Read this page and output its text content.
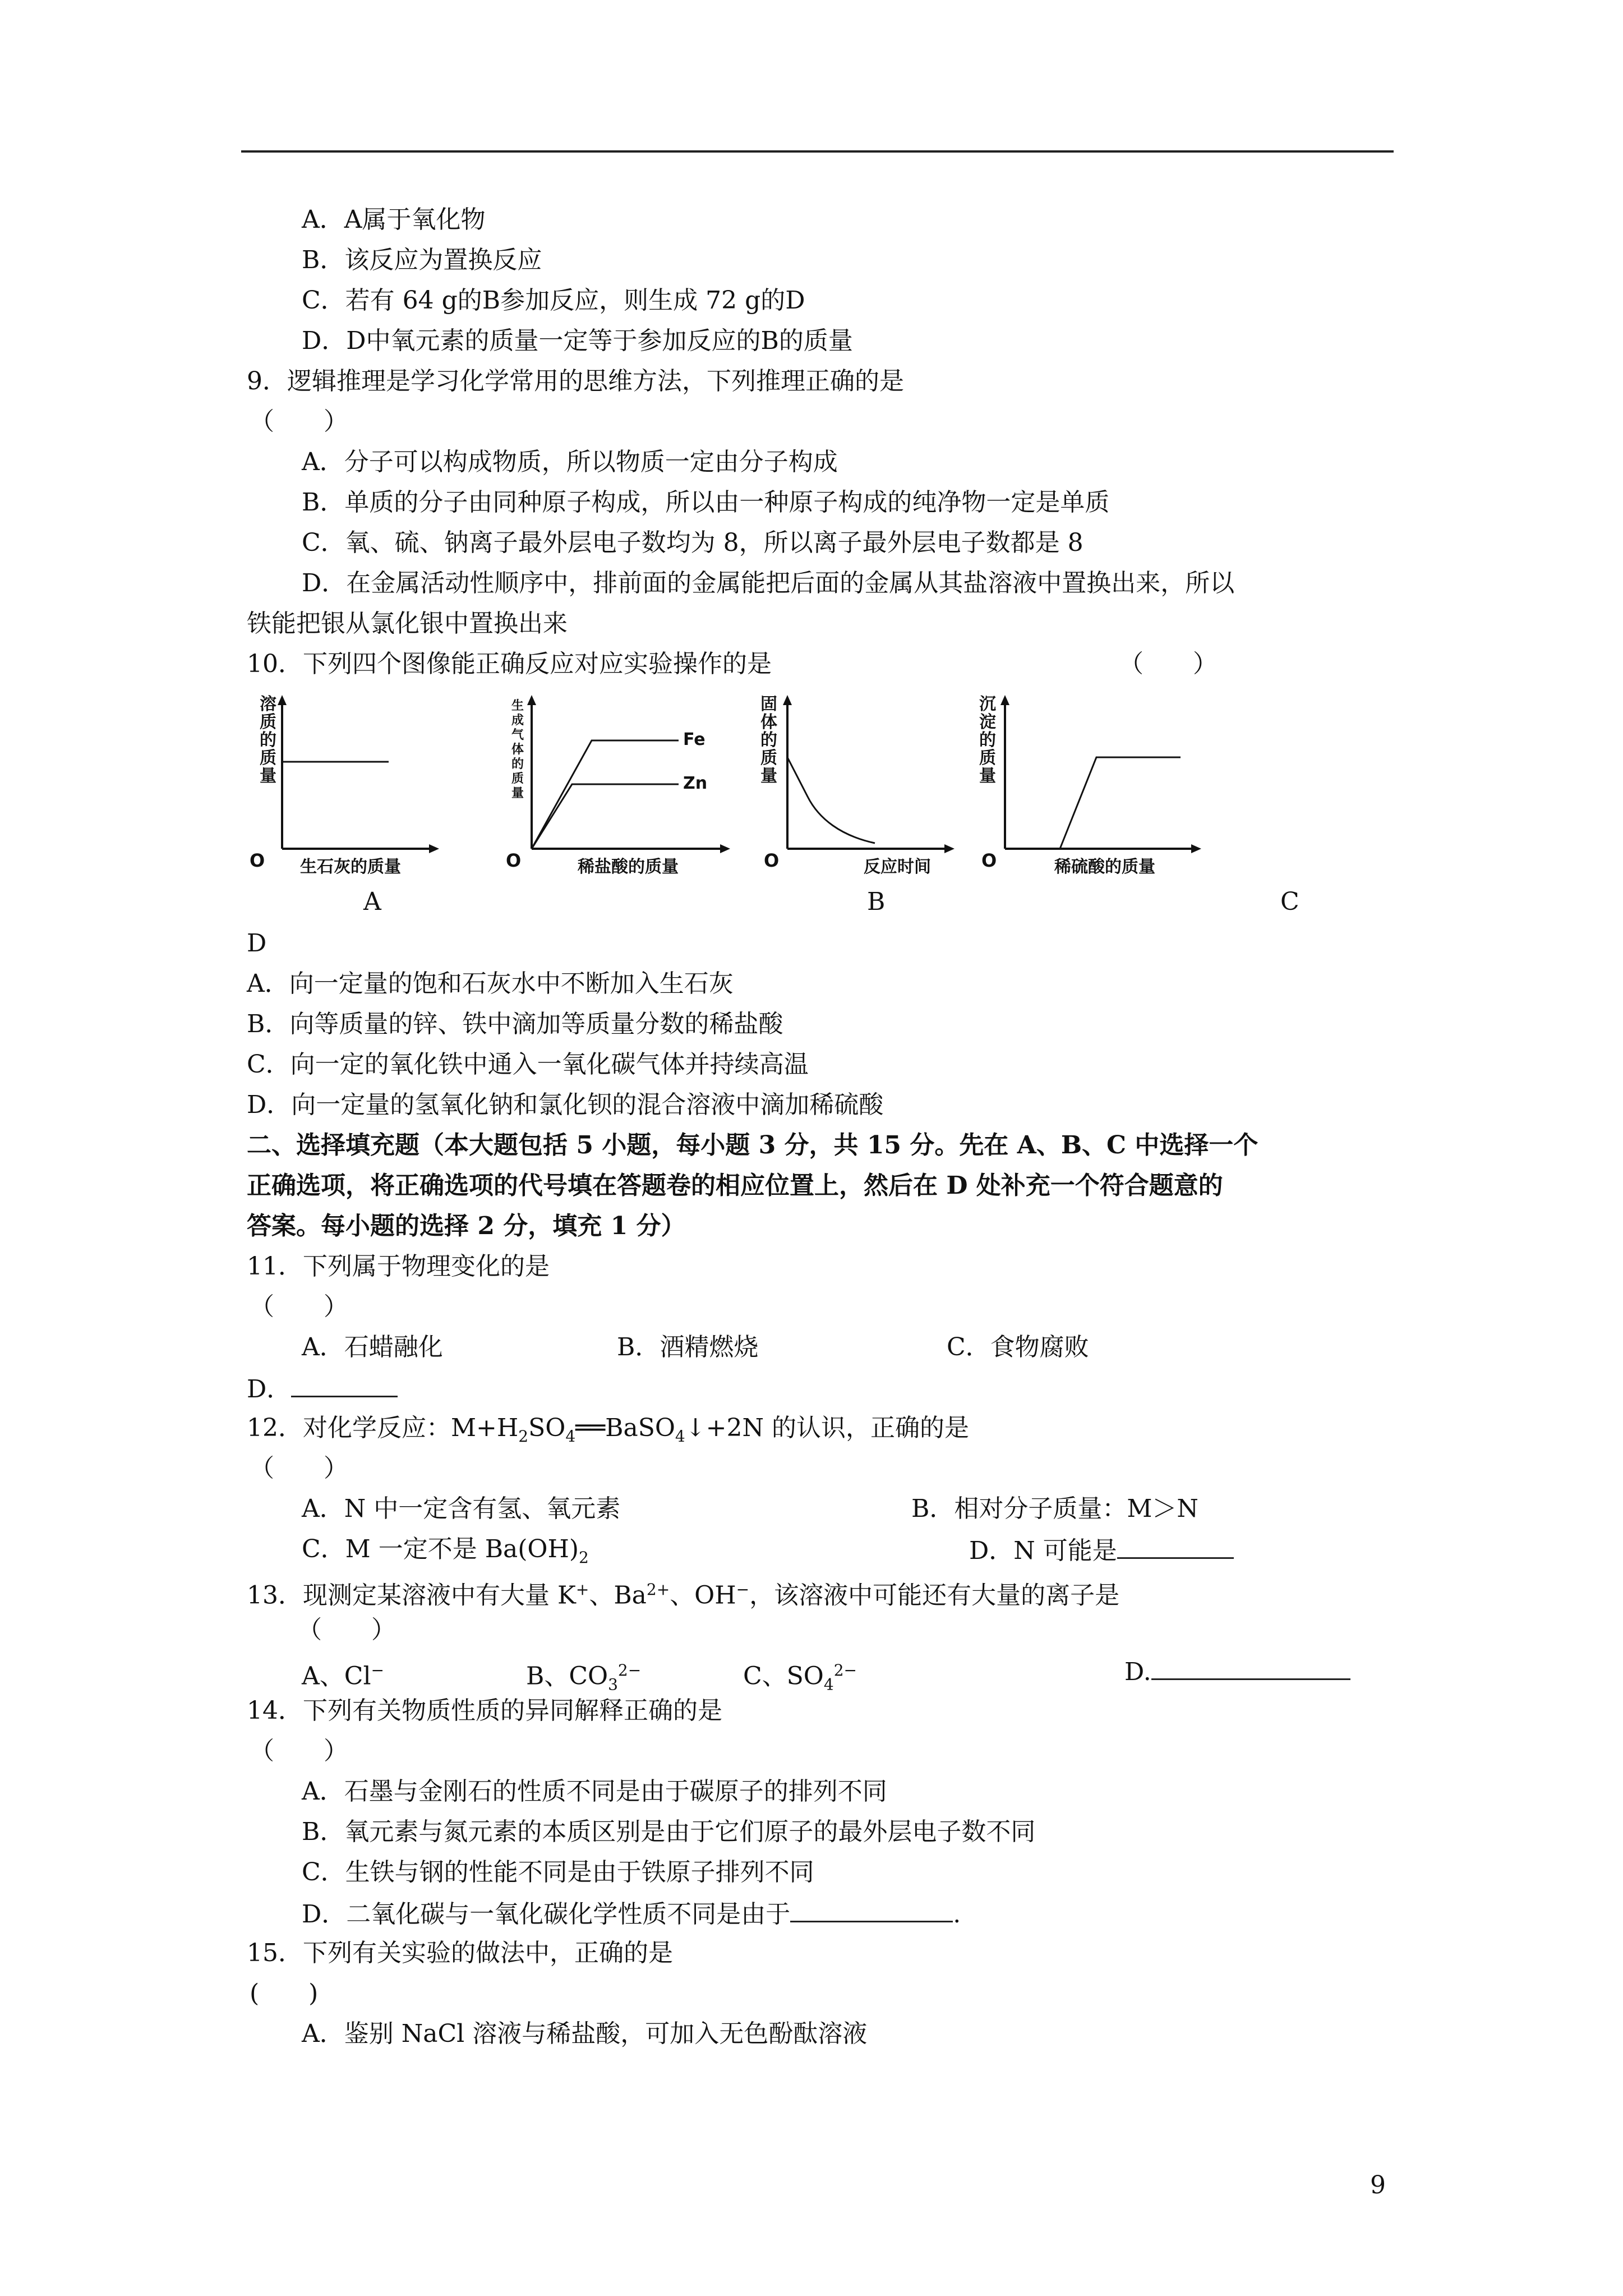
A．A属于氧化物
B．该反应为置换反应
C．若有 64 g的B参加反应，则生成 72 g的D
D．D中氧元素的质量一定等于参加反应的B的质量
9．逻辑推理是学习化学常用的思维方法，下列推理正确的是
（　　）
A．分子可以构成物质，所以物质一定由分子构成
B．单质的分子由同种原子构成，所以由一种原子构成的纯净物一定是单质
C．氧、硫、钠离子最外层电子数均为 8，所以离子最外层电子数都是 8
D．在金属活动性顺序中，排前面的金属能把后面的金属从其盐溶液中置换出来，所以
铁能把银从氯化银中置换出来
10．下列四个图像能正确反应对应实验操作的是	（　　）
溶
质
的
质
量
O 生石灰的质量
生
成
气
体
的
质
量
Fe
Zn
O	稀盐酸的质量
固
体
的
质
量
O	反应时间
沉
淀
的
质
量
O	稀硫酸的质量
A	B	C
D
A．向一定量的饱和石灰水中不断加入生石灰
B．向等质量的锌、铁中滴加等质量分数的稀盐酸
C．向一定的氧化铁中通入一氧化碳气体并持续高温
D．向一定量的氢氧化钠和氯化钡的混合溶液中滴加稀硫酸
二、选择填充题（本大题包括 5 小题，每小题 3 分，共 15 分。先在 A、B、C 中选择一个
正确选项，将正确选项的代号填在答题卷的相应位置上，然后在 D 处补充一个符合题意的
答案。每小题的选择 2 分，填充 1 分）
11．下列属于物理变化的是
（　　）
A．石蜡融化	B．酒精燃烧	C．食物腐败
D．
12．对化学反应：$M+H_2SO_4══BaSO_4↓+2N$ 的认识，正确的是
（　　）
A．N 中一定含有氢、氧元素	B．相对分子质量：M＞N
C．M 一定不是 $Ba(OH)_2$	D．N 可能是
13．现测定某溶液中有大量 K+、$Ba^{2+}$、OH−，该溶液中可能还有大量的离子是
（　　）
A、Cl−	B、$CO_3^{2-}$	C、$SO_4^{2-}$	D.
14．下列有关物质性质的异同解释正确的是
（　　）
A．石墨与金刚石的性质不同是由于碳原子的排列不同
B．氧元素与氮元素的本质区别是由于它们原子的最外层电子数不同
C．生铁与钢的性能不同是由于铁原子排列不同
D．二氧化碳与一氧化碳化学性质不同是由于	.
15．下列有关实验的做法中，正确的是
(　　)
A．鉴别 NaCl 溶液与稀盐酸，可加入无色酚酞溶液
9
